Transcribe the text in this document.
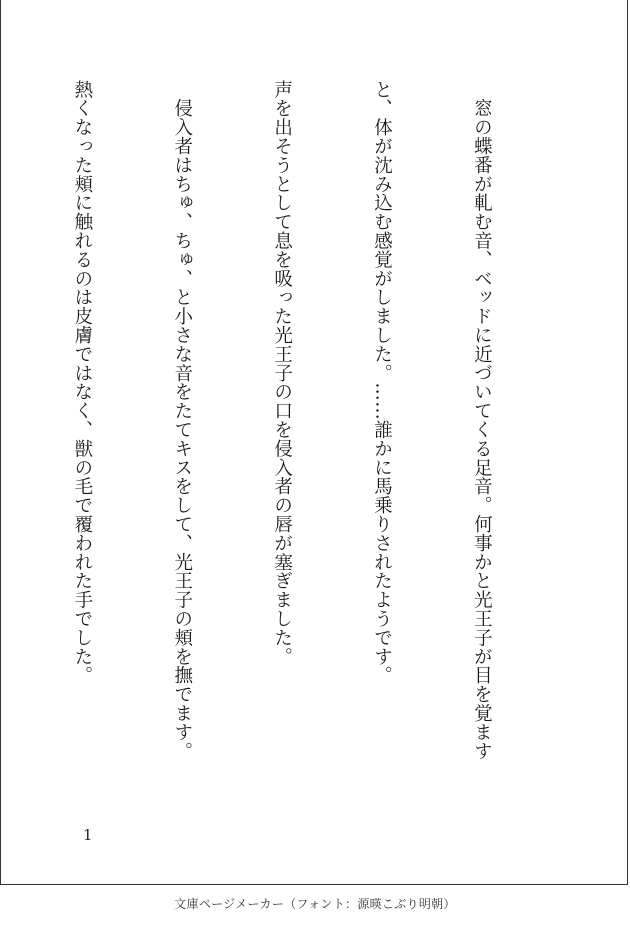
　窓の蝶番が軋む音、ベッドに近づいてくる足音。何事かと光王子が目を覚ます

と、体が沈み込む感覚がしました。……誰かに馬乗りされたようです。

声を出そうとして息を吸った光王子の口を侵入者の唇が塞ぎました。

　侵入者はちゅ、ちゅ、と小さな音をたてキスをして、光王子の頬を撫でます。

熱くなった頬に触れるのは皮膚ではなく、獣の毛で覆われた手でした。

1
文庫ページメーカー（フォント：源暎こぶり明朝）
